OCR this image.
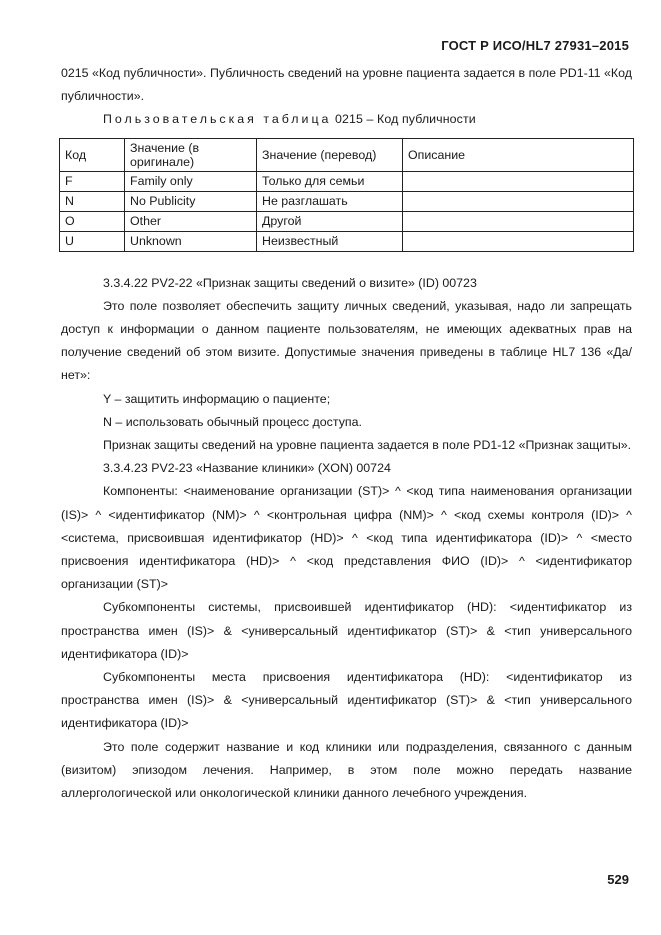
ГОСТ Р ИСО/HL7 27931–2015

0215 «Код публичности». Публичность сведений на уровне пациента задается в поле PD1-11 «Код публичности».

Пользовательская таблица 0215 – Код публичности
Код	Значение (в оригинале)	Значение (перевод)	Описание
F	Family only	Только для семьи	
N	No Publicity	Не разглашать	
O	Other	Другой	
U	Unknown	Неизвестный	

3.3.4.22 PV2-22 «Признак защиты сведений о визите» (ID) 00723

Это поле позволяет обеспечить защиту личных сведений, указывая, надо ли запрещать доступ к информации о данном пациенте пользователям, не имеющих адекватных прав на получение сведений об этом визите. Допустимые значения приведены в таблице HL7 136 «Да/нет»:

Y – защитить информацию о пациенте;

N – использовать обычный процесс доступа.

Признак защиты сведений на уровне пациента задается в поле PD1-12 «Признак защиты».

3.3.4.23 PV2-23 «Название клиники» (XON) 00724

Компоненты: <наименование организации (ST)> ^ <код типа наименования организации (IS)> ^ <идентификатор (NM)> ^ <контрольная цифра (NM)> ^ <код схемы контроля (ID)> ^ <система, присвоившая идентификатор (HD)> ^ <код типа идентификатора (ID)> ^ <место присвоения идентификатора (HD)> ^ <код представления ФИО (ID)> ^ <идентификатор организации (ST)>

Субкомпоненты системы, присвоившей идентификатор (HD): <идентификатор из пространства имен (IS)> & <универсальный идентификатор (ST)> & <тип универсального идентификатора (ID)>

Субкомпоненты места присвоения идентификатора (HD): <идентификатор из пространства имен (IS)> & <универсальный идентификатор (ST)> & <тип универсального идентификатора (ID)>

Это поле содержит название и код клиники или подразделения, связанного с данным (визитом) эпизодом лечения. Например, в этом поле можно передать название аллергологической или онкологической клиники данного лечебного учреждения.

529
